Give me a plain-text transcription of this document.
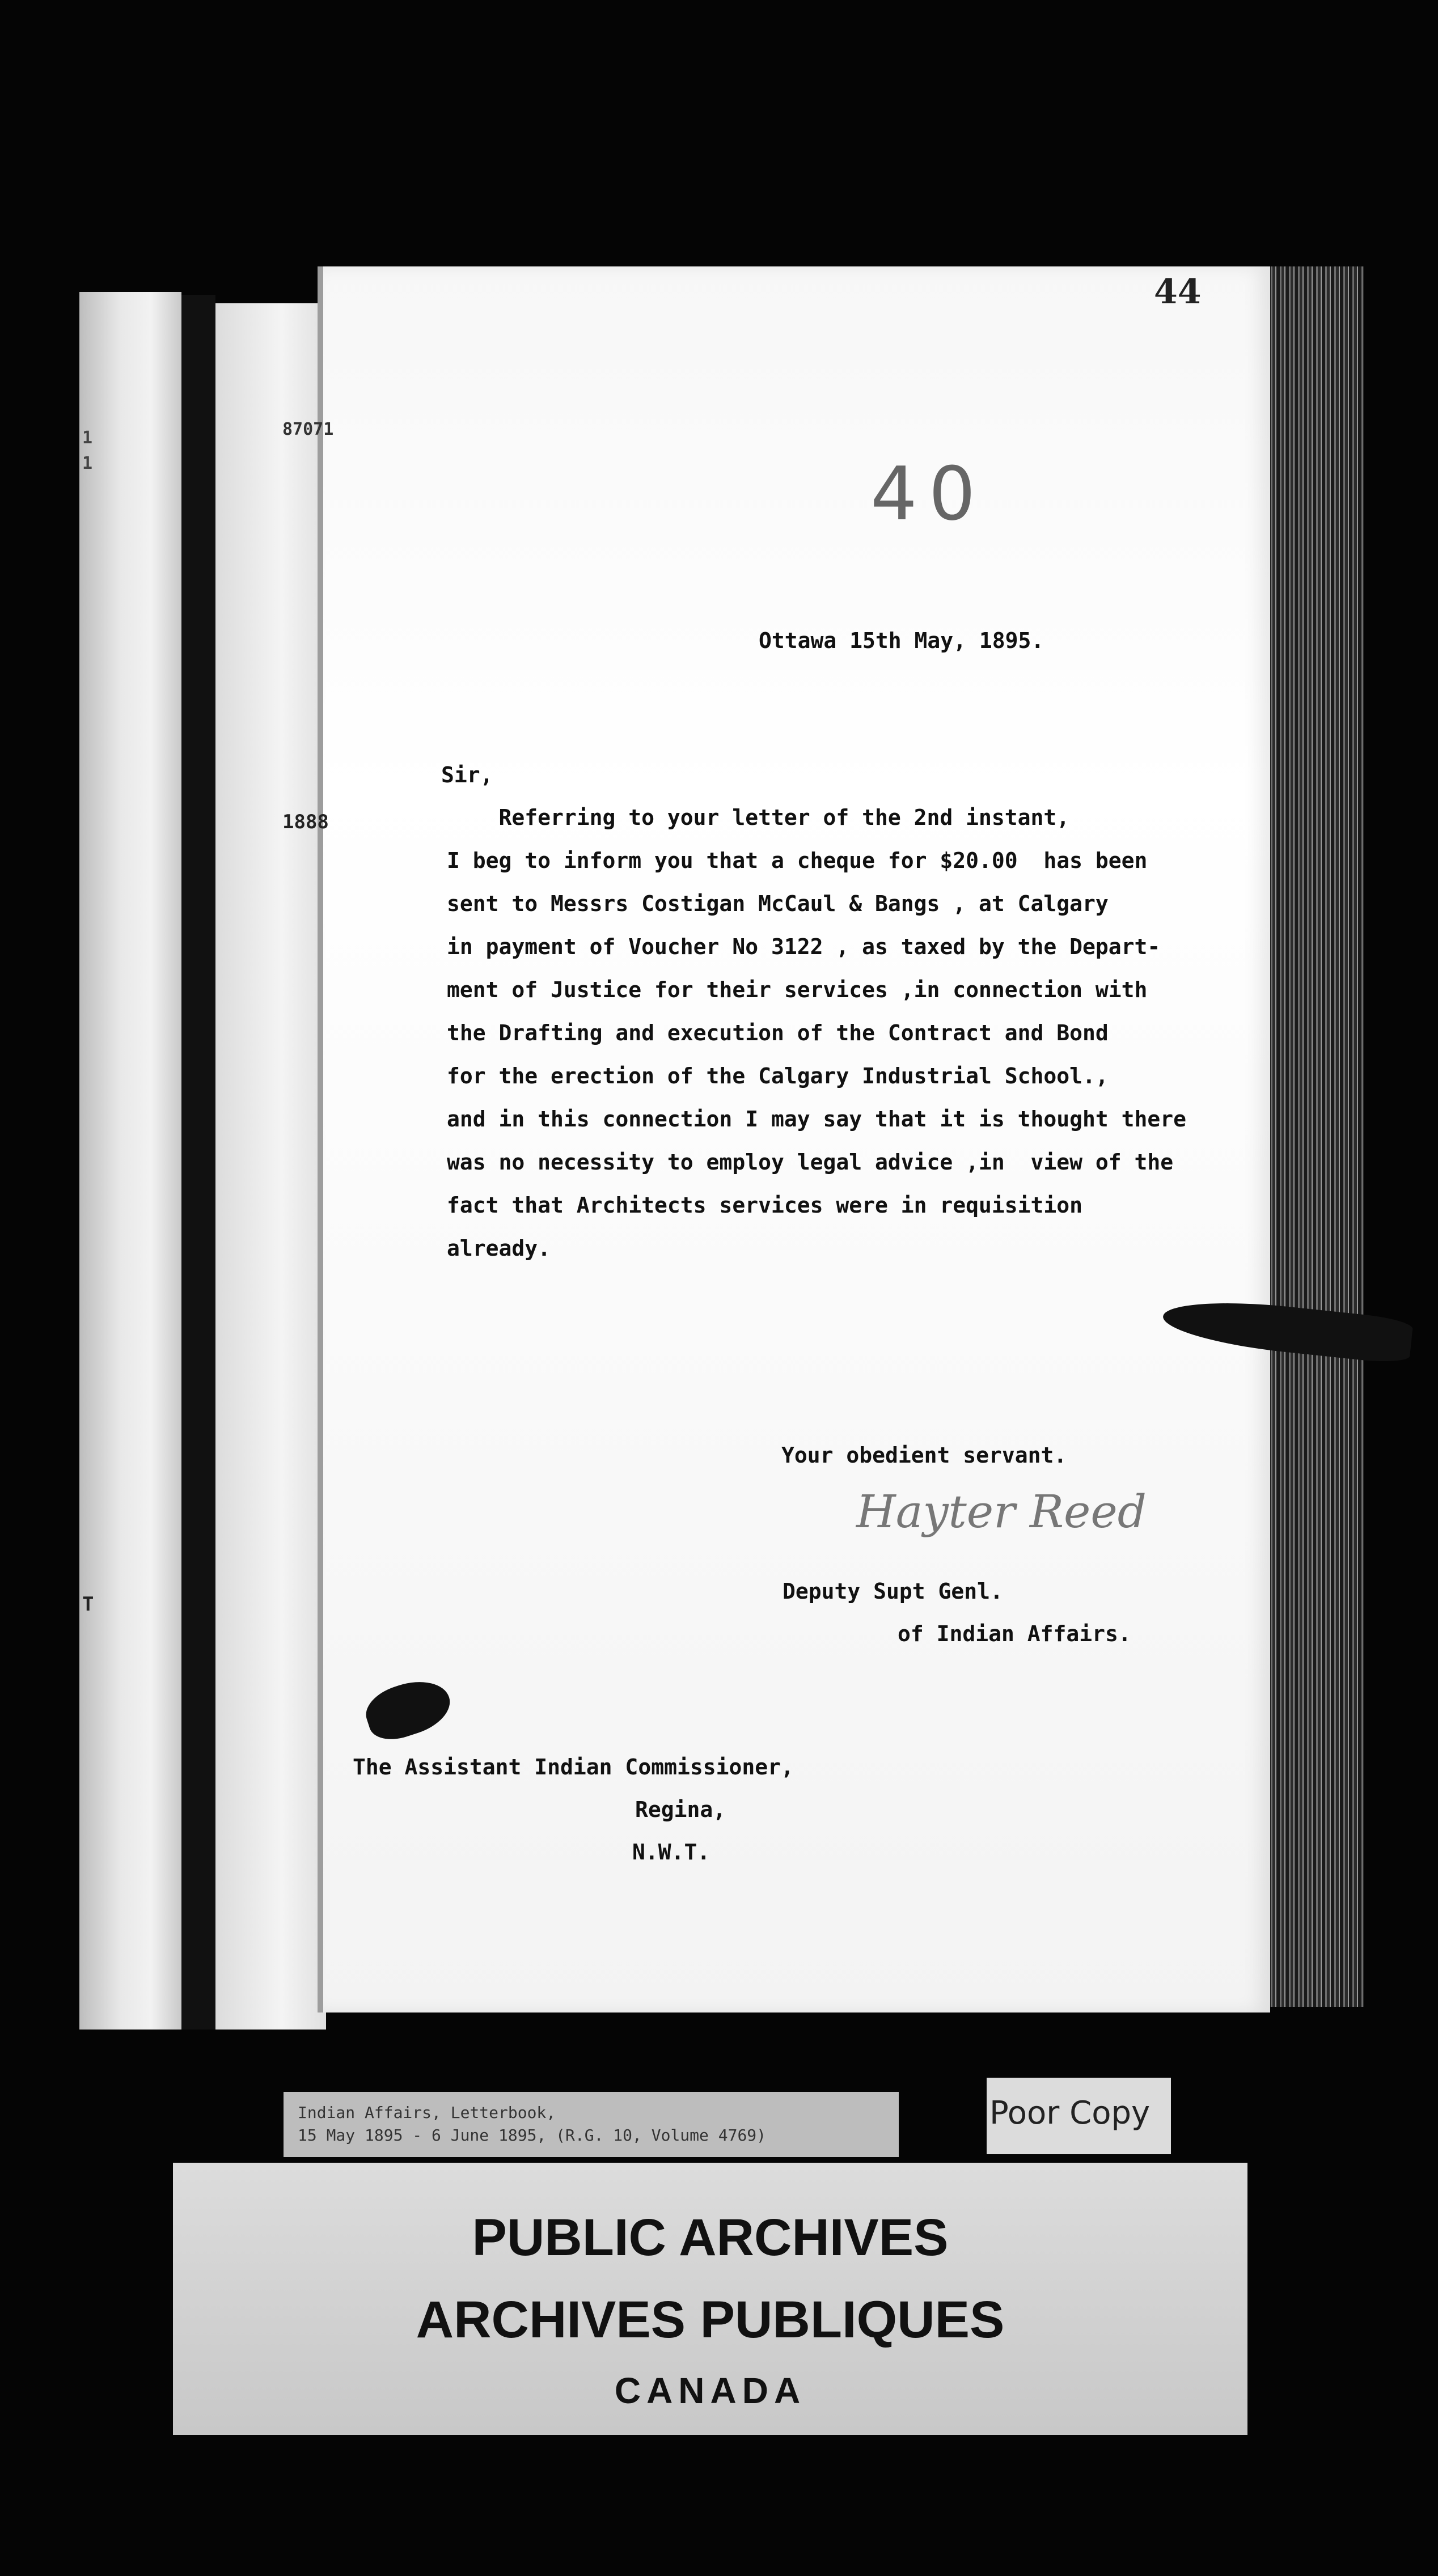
1
1
T
44
87071
1888
40
Ottawa 15th May, 1895.
Sir,
Referring to your letter of the 2nd instant,
I beg to inform you that a cheque for $20.00  has been
sent to Messrs Costigan McCaul & Bangs , at Calgary
in payment of Voucher No 3122 , as taxed by the Depart-
ment of Justice for their services ,in connection with
the Drafting and execution of the Contract and Bond
for the erection of the Calgary Industrial School.,
and in this connection I may say that it is thought there
was no necessity to employ legal advice ,in  view of the
fact that Architects services were in requisition
already.
Your obedient servant.
Hayter Reed
Deputy Supt Genl.
of Indian Affairs.
The Assistant Indian Commissioner,
Regina,
N.W.T.
Indian Affairs, Letterbook,
15 May 1895 - 6 June 1895, (R.G. 10, Volume 4769)
Poor Copy
PUBLIC ARCHIVES
ARCHIVES PUBLIQUES
CANADA
